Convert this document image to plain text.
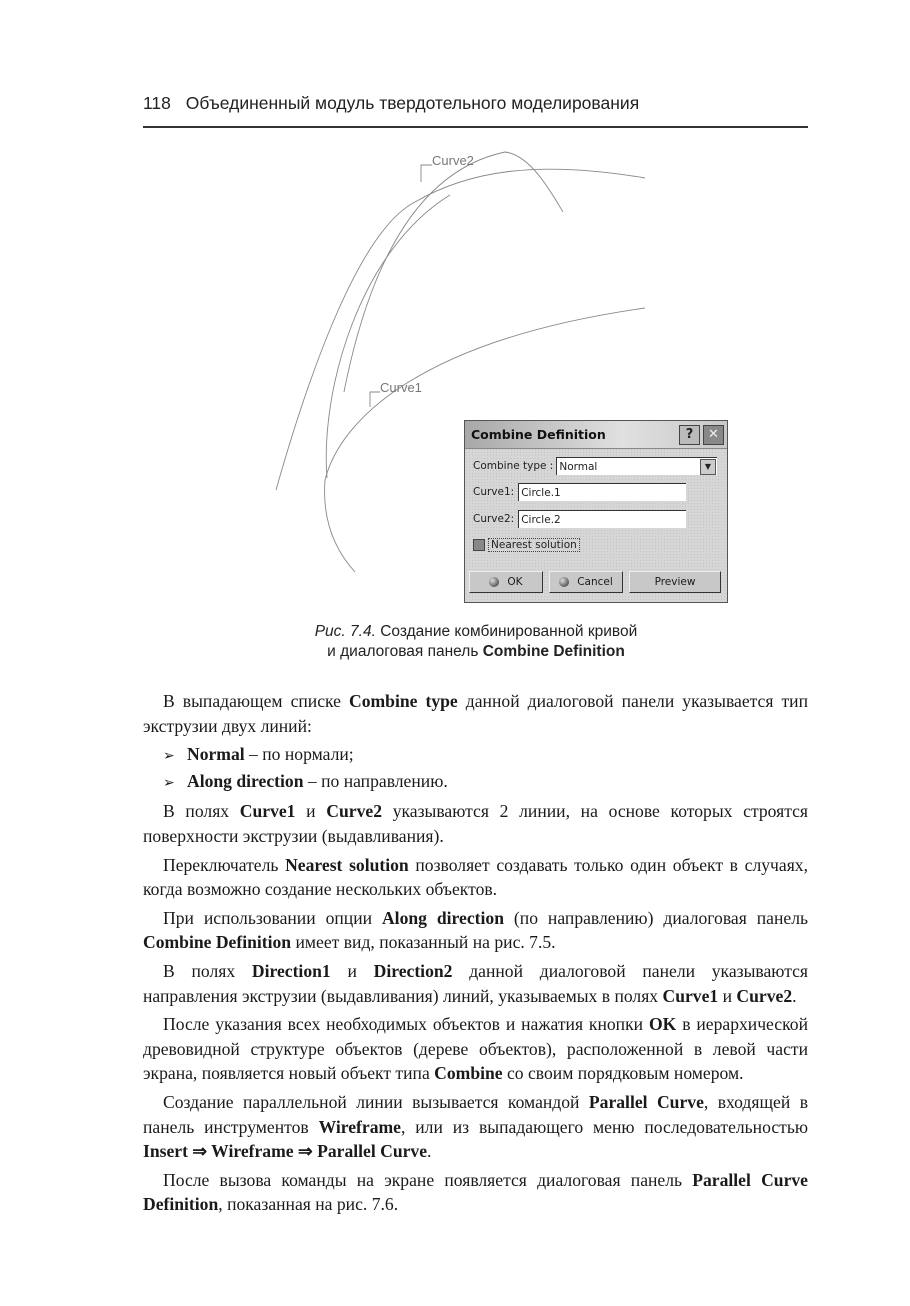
118 Объединенный модуль твердотельного моделирования
Curve2
Curve1
Combine Definition	?	✕
Combine type : Normal	▼
Curve1: Circle.1
Curve2: Circle.2
Nearest solution
OK	Cancel	Preview
Рис. 7.4. Создание комбинированной кривой
и диалоговая панель Combine Definition

В выпадающем списке Combine type данной диалоговой панели указывается тип экструзии двух линий:

➢ Normal – по нормали;
➢ Along direction – по направлению.

В полях Curve1 и Curve2 указываются 2 линии, на основе которых строятся поверхности экструзии (выдавливания).

Переключатель Nearest solution позволяет создавать только один объект в случаях, когда возможно создание нескольких объектов.

При использовании опции Along direction (по направлению) диалоговая панель Combine Definition имеет вид, показанный на рис. 7.5.

В полях Direction1 и Direction2 данной диалоговой панели указываются направления экструзии (выдавливания) линий, указываемых в полях Curve1 и Curve2.

После указания всех необходимых объектов и нажатия кнопки OK в иерархической древовидной структуре объектов (дереве объектов), расположенной в левой части экрана, появляется новый объект типа Combine со своим порядковым номером.

Создание параллельной линии вызывается командой Parallel Curve, входящей в панель инструментов Wireframe, или из выпадающего меню последовательностью Insert ⇒ Wireframe ⇒ Parallel Curve.

После вызова команды на экране появляется диалоговая панель Parallel Curve Definition, показанная на рис. 7.6.
